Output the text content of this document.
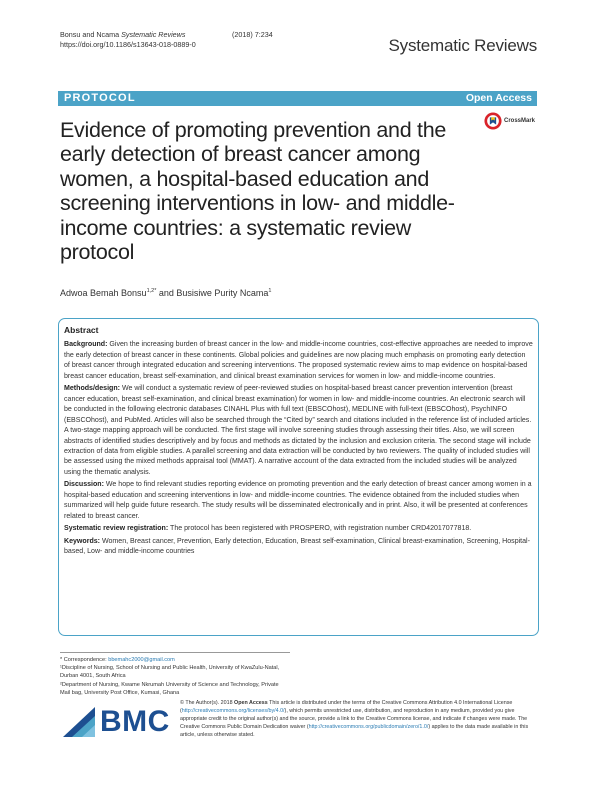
Bonsu and Ncama Systematic Reviews
https://doi.org/10.1186/s13643-018-0889-0
(2018) 7:234
Systematic Reviews
PROTOCOL	Open Access
Evidence of promoting prevention and the early detection of breast cancer among women, a hospital-based education and screening interventions in low- and middle-income countries: a systematic review protocol
CrossMark
Adwoa Bemah Bonsu$^{1,2*}$ and Busisiwe Purity Ncama$^1$
Abstract

Background: Given the increasing burden of breast cancer in the low- and middle-income countries, cost-effective approaches are needed to improve the early detection of breast cancer in these continents. Global policies and guidelines are now placing much emphasis on promoting early detection of breast cancer through integrated education and screening interventions. The proposed systematic review aims to map evidence on hospital-based breast cancer education, breast self-examination, and clinical breast examination services for women in low- and middle-income countries.

Methods/design: We will conduct a systematic review of peer-reviewed studies on hospital-based breast cancer prevention intervention (breast cancer education, breast self-examination, and clinical breast examination) for women in low- and middle-income countries. An electronic search will be conducted in the following electronic databases CINAHL Plus with full text (EBSCOhost), MEDLINE with full-text (EBSCOhost), PsychINFO (EBSCOhost), and PubMed. Articles will also be searched through the “Cited by” search and citations included in the reference list of included articles. A two-stage mapping approach will be conducted. The first stage will involve screening studies through assessing their titles. Also, we will screen abstracts of identified studies descriptively and by focus and methods as dictated by the inclusion and exclusion criteria. The second stage will include extraction of data from eligible studies. A parallel screening and data extraction will be conducted by two reviewers. The quality of included studies will be assessed using the mixed methods appraisal tool (MMAT). A narrative account of the data extracted from the included studies will be analyzed using the thematic analysis.

Discussion: We hope to find relevant studies reporting evidence on promoting prevention and the early detection of breast cancer among women in a hospital-based education and screening interventions in low- and middle-income countries. The evidence obtained from the included studies when summarized will help guide future research. The study results will be disseminated electronically and in print. Also, it will be presented at conferences related to breast cancer.

Systematic review registration: The protocol has been registered with PROSPERO, with registration number CRD42017077818.

Keywords: Women, Breast cancer, Prevention, Early detection, Education, Breast self-examination, Clinical breast-examination, Screening, Hospital-based, Low- and middle-income countries

* Correspondence: bbemahc2000@gmail.com

¹Discipline of Nursing, School of Nursing and Public Health, University of KwaZulu-Natal, Durban 4001, South Africa

²Department of Nursing, Kwame Nkrumah University of Science and Technology, Private Mail bag, University Post Office, Kumasi, Ghana

BMC
© The Author(s). 2018 Open Access This article is distributed under the terms of the Creative Commons Attribution 4.0 International License (http://creativecommons.org/licenses/by/4.0/), which permits unrestricted use, distribution, and reproduction in any medium, provided you give appropriate credit to the original author(s) and the source, provide a link to the Creative Commons license, and indicate if changes were made. The Creative Commons Public Domain Dedication waiver (http://creativecommons.org/publicdomain/zero/1.0/) applies to the data made available in this article, unless otherwise stated.
